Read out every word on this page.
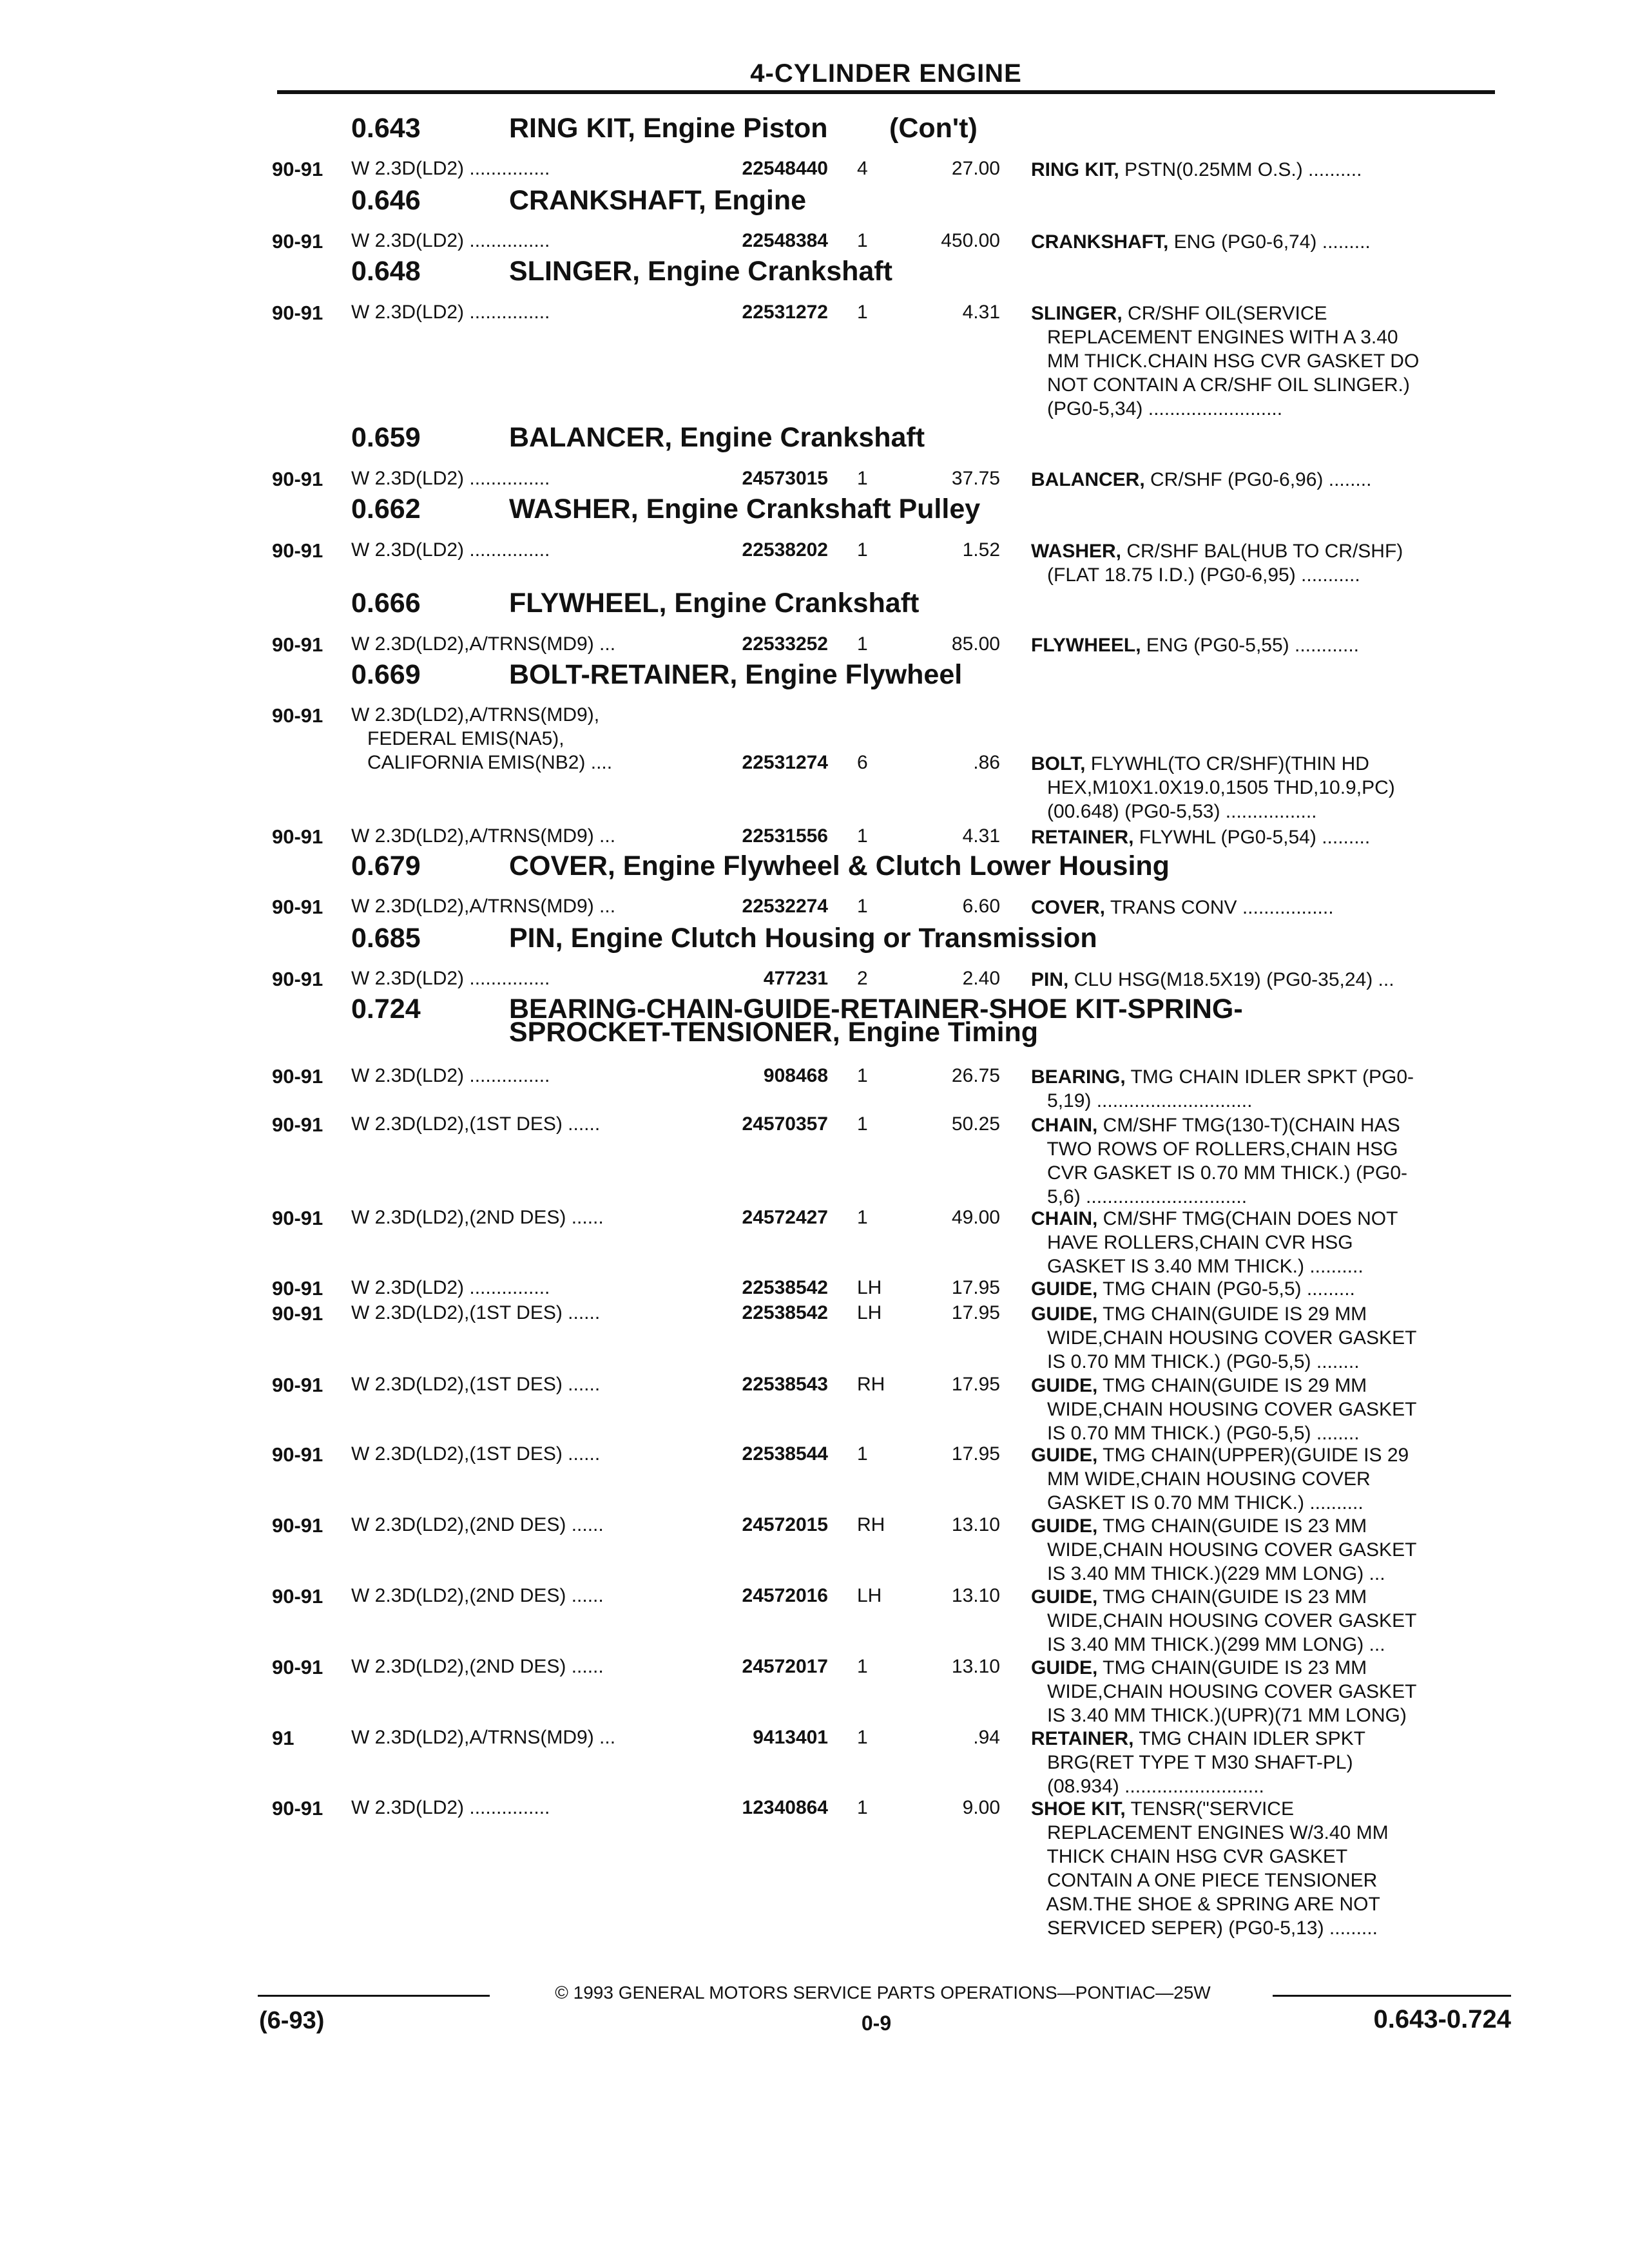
4-CYLINDER ENGINE
0.643	RING KIT, Engine Piston (Con't)
90-91 W 2.3D(LD2) ...............	22548440 4	27.00 RING KIT, PSTN(0.25MM O.S.) ..........
0.646	CRANKSHAFT, Engine
90-91 W 2.3D(LD2) ...............	22548384 1	450.00 CRANKSHAFT, ENG (PG0-6,74) .........
0.648	SLINGER, Engine Crankshaft
90-91 W 2.3D(LD2) ...............	22531272 1	4.31 SLINGER, CR/SHF OIL(SERVICE
REPLACEMENT ENGINES WITH A 3.40
MM THICK.CHAIN HSG CVR GASKET DO
NOT CONTAIN A CR/SHF OIL SLINGER.)
(PG0-5,34) .........................
0.659	BALANCER, Engine Crankshaft
90-91 W 2.3D(LD2) ...............	24573015 1	37.75 BALANCER, CR/SHF (PG0-6,96) ........
0.662	WASHER, Engine Crankshaft Pulley
90-91 W 2.3D(LD2) ...............	22538202 1	1.52 WASHER, CR/SHF BAL(HUB TO CR/SHF)
(FLAT 18.75 I.D.) (PG0-6,95) ...........
0.666	FLYWHEEL, Engine Crankshaft
90-91 W 2.3D(LD2),A/TRNS(MD9) ...	22533252 1	85.00 FLYWHEEL, ENG (PG0-5,55) ............
0.669	BOLT-RETAINER, Engine Flywheel
90-91 W 2.3D(LD2),A/TRNS(MD9),
FEDERAL EMIS(NA5),
CALIFORNIA EMIS(NB2) ....	22531274 6	.86 BOLT, FLYWHL(TO CR/SHF)(THIN HD
HEX,M10X1.0X19.0,1505 THD,10.9,PC)
(00.648) (PG0-5,53) .................
90-91 W 2.3D(LD2),A/TRNS(MD9) ...	22531556 1	4.31 RETAINER, FLYWHL (PG0-5,54) .........
0.679	COVER, Engine Flywheel & Clutch Lower Housing
90-91 W 2.3D(LD2),A/TRNS(MD9) ...	22532274 1	6.60 COVER, TRANS CONV .................
0.685	PIN, Engine Clutch Housing or Transmission
90-91 W 2.3D(LD2) ...............	477231 2	2.40 PIN, CLU HSG(M18.5X19) (PG0-35,24) ...
0.724	BEARING-CHAIN-GUIDE-RETAINER-SHOE KIT-SPRING-
SPROCKET-TENSIONER, Engine Timing
90-91 W 2.3D(LD2) ...............	908468 1	26.75 BEARING, TMG CHAIN IDLER SPKT (PG0-
5,19) .............................
90-91 W 2.3D(LD2),(1ST DES) ......	24570357 1	50.25 CHAIN, CM/SHF TMG(130-T)(CHAIN HAS
TWO ROWS OF ROLLERS,CHAIN HSG
CVR GASKET IS 0.70 MM THICK.) (PG0-
5,6) ..............................
90-91 W 2.3D(LD2),(2ND DES) ......	24572427 1	49.00 CHAIN, CM/SHF TMG(CHAIN DOES NOT
HAVE ROLLERS,CHAIN CVR HSG
GASKET IS 3.40 MM THICK.) ..........
90-91 W 2.3D(LD2) ...............	22538542 LH	17.95 GUIDE, TMG CHAIN (PG0-5,5) .........
90-91 W 2.3D(LD2),(1ST DES) ......	22538542 LH	17.95 GUIDE, TMG CHAIN(GUIDE IS 29 MM
WIDE,CHAIN HOUSING COVER GASKET
IS 0.70 MM THICK.) (PG0-5,5) ........
90-91 W 2.3D(LD2),(1ST DES) ......	22538543 RH	17.95 GUIDE, TMG CHAIN(GUIDE IS 29 MM
WIDE,CHAIN HOUSING COVER GASKET
IS 0.70 MM THICK.) (PG0-5,5) ........
90-91 W 2.3D(LD2),(1ST DES) ......	22538544 1	17.95 GUIDE, TMG CHAIN(UPPER)(GUIDE IS 29
MM WIDE,CHAIN HOUSING COVER
GASKET IS 0.70 MM THICK.) ..........
90-91 W 2.3D(LD2),(2ND DES) ......	24572015 RH	13.10 GUIDE, TMG CHAIN(GUIDE IS 23 MM
WIDE,CHAIN HOUSING COVER GASKET
IS 3.40 MM THICK.)(229 MM LONG) ...
90-91 W 2.3D(LD2),(2ND DES) ......	24572016 LH	13.10 GUIDE, TMG CHAIN(GUIDE IS 23 MM
WIDE,CHAIN HOUSING COVER GASKET
IS 3.40 MM THICK.)(299 MM LONG) ...
90-91 W 2.3D(LD2),(2ND DES) ......	24572017 1	13.10 GUIDE, TMG CHAIN(GUIDE IS 23 MM
WIDE,CHAIN HOUSING COVER GASKET
IS 3.40 MM THICK.)(UPR)(71 MM LONG)
91	W 2.3D(LD2),A/TRNS(MD9) ...	9413401 1	.94 RETAINER, TMG CHAIN IDLER SPKT
BRG(RET TYPE T M30 SHAFT-PL)
(08.934) ..........................
90-91 W 2.3D(LD2) ...............	12340864 1	9.00 SHOE KIT, TENSR("SERVICE
REPLACEMENT ENGINES W/3.40 MM
THICK CHAIN HSG CVR GASKET
CONTAIN A ONE PIECE TENSIONER
ASM.THE SHOE & SPRING ARE NOT
SERVICED SEPER) (PG0-5,13) .........
© 1993 GENERAL MOTORS SERVICE PARTS OPERATIONS—PONTIAC—25W
(6-93)	0-9	0.643-0.724
